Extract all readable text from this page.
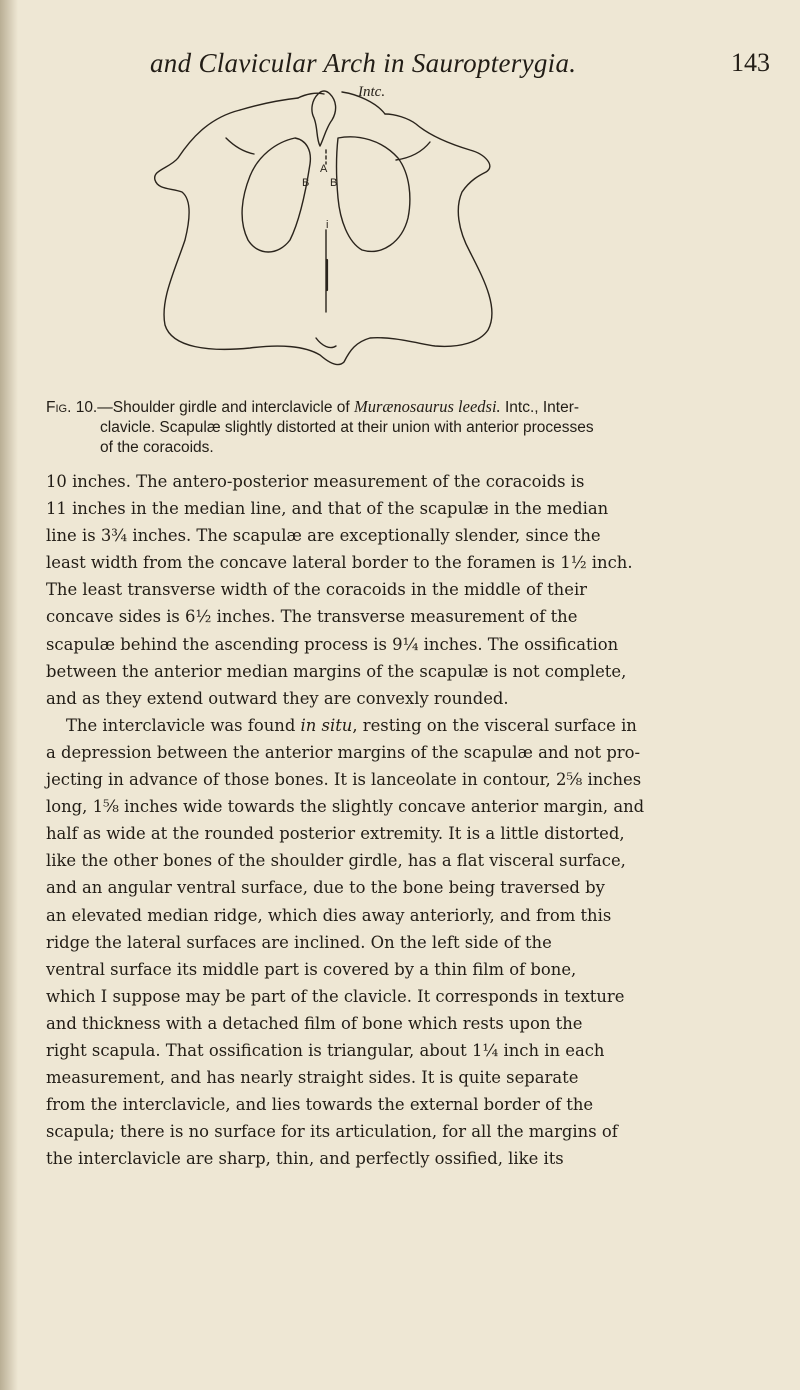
and Clavicular Arch in Sauropterygia.	143
Intc.
A
B B
i
Fig. 10.—Shoulder girdle and interclavicle of Murænosaurus leedsi. Intc., Inter-
clavicle. Scapulæ slightly distorted at their union with anterior processes
of the coracoids.
10 inches. The antero-posterior measurement of the coracoids is
11 inches in the median line, and that of the scapulæ in the median
line is 3¾ inches. The scapulæ are exceptionally slender, since the
least width from the concave lateral border to the foramen is 1½ inch.
The least transverse width of the coracoids in the middle of their
concave sides is 6½ inches. The transverse measurement of the
scapulæ behind the ascending process is 9¼ inches. The ossification
between the anterior median margins of the scapulæ is not complete,
and as they extend outward they are convexly rounded.
The interclavicle was found in situ, resting on the visceral surface in
a depression between the anterior margins of the scapulæ and not pro-
jecting in advance of those bones. It is lanceolate in contour, 2⅝ inches
long, 1⅝ inches wide towards the slightly concave anterior margin, and
half as wide at the rounded posterior extremity. It is a little distorted,
like the other bones of the shoulder girdle, has a flat visceral surface,
and an angular ventral surface, due to the bone being traversed by
an elevated median ridge, which dies away anteriorly, and from this
ridge the lateral surfaces are inclined. On the left side of the
ventral surface its middle part is covered by a thin film of bone,
which I suppose may be part of the clavicle. It corresponds in texture
and thickness with a detached film of bone which rests upon the
right scapula. That ossification is triangular, about 1¼ inch in each
measurement, and has nearly straight sides. It is quite separate
from the interclavicle, and lies towards the external border of the
scapula; there is no surface for its articulation, for all the margins of
the interclavicle are sharp, thin, and perfectly ossified, like its
